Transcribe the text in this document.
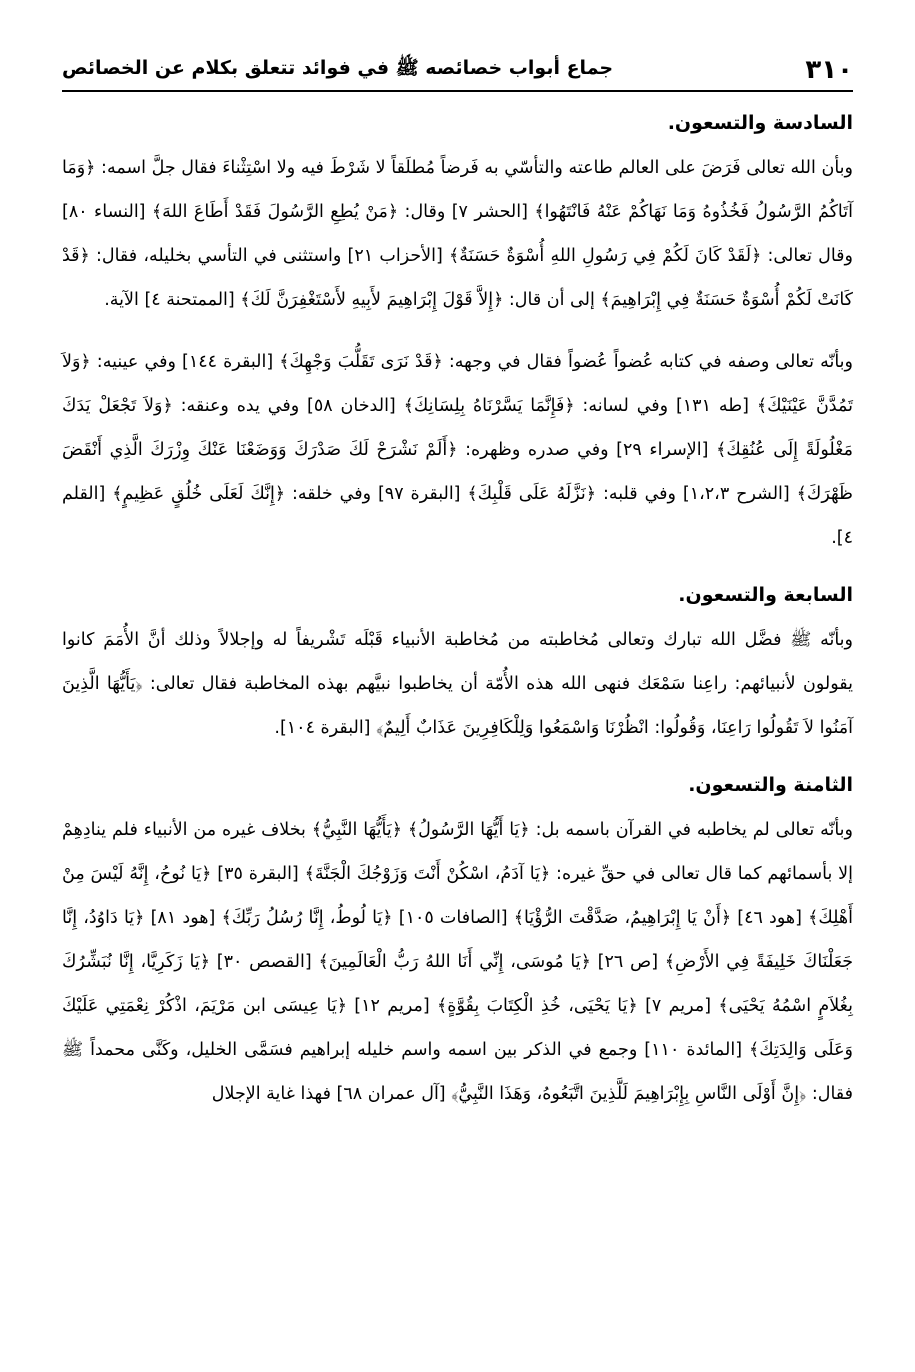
٣١٠
جماع أبواب خصائصه ﷺ في فوائد تتعلق بكلام عن الخصائص
السادسة والتسعون.

وبأن الله تعالى فَرَضَ على العالم طاعته والتأسّي به فَرضاً مُطلَقاً لا شَرْطَ فيه ولا اسْتِثْناءَ فقال جلَّ اسمه: ﴿وَمَا آتَاكُمُ الرَّسُولُ فَخُذُوهُ وَمَا نَهَاكُمْ عَنْهُ فَانْتَهُوا﴾ [الحشر ٧] وقال: ﴿مَنْ يُطِعِ الرَّسُولَ فَقَدْ أَطَاعَ اللهَ﴾ [النساء ٨٠] وقال تعالى: ﴿لَقَدْ كَانَ لَكُمْ فِي رَسُولِ اللهِ أُسْوَةٌ حَسَنَةٌ﴾ [الأحزاب ٢١] واستثنى في التأسي بخليله، فقال: ﴿قَدْ كَانَتْ لَكُمْ أُسْوَةٌ حَسَنَةٌ فِي إِبْرَاهِيمَ﴾ إلى أن قال: ﴿إِلاَّ قَوْلَ إِبْرَاهِيمَ لأَبِيهِ لأَسْتَغْفِرَنَّ لَكَ﴾ [الممتحنة ٤] الآية.

وبأنّه تعالى وصفه في كتابه عُضواً عُضواً فقال في وجهه: ﴿قَدْ نَرَى تَقَلُّبَ وَجْهِكَ﴾ [البقرة ١٤٤] وفي عينيه: ﴿وَلاَ تَمُدَّنَّ عَيْنَيْكَ﴾ [طه ١٣١] وفي لسانه: ﴿فَإِنَّمَا يَسَّرْنَاهُ بِلِسَانِكَ﴾ [الدخان ٥٨] وفي يده وعنقه: ﴿وَلاَ تَجْعَلْ يَدَكَ مَغْلُولَةً إِلَى عُنُقِكَ﴾ [الإسراء ٢٩] وفي صدره وظهره: ﴿أَلَمْ نَشْرَحْ لَكَ صَدْرَكَ وَوَضَعْنَا عَنْكَ وِزْرَكَ الَّذِي أَنْقَضَ ظَهْرَكَ﴾ [الشرح ١،٢،٣] وفي قلبه: ﴿نَزَّلَهُ عَلَى قَلْبِكَ﴾ [البقرة ٩٧] وفي خلقه: ﴿إِنَّكَ لَعَلَى خُلُقٍ عَظِيمٍ﴾ [القلم ٤].

السابعة والتسعون.

وبأنّه ﷺ فضَّل الله تبارك وتعالى مُخاطبته من مُخاطبة الأنبياء قَبْلَه تَشْريفاً له وإجلالاً وذلك أنَّ الأُمَمَ كانوا يقولون لأنبيائهم: راعِنا سَمْعَك فنهى الله هذه الأُمّة أن يخاطبوا نبيَّهم بهذه المخاطبة فقال تعالى: ﴿يَأَيُّهَا الَّذِينَ آمَنُوا لاَ تَقُولُوا رَاعِنَا، وَقُولُوا: انْظُرْنَا وَاسْمَعُوا وَلِلْكَافِرِينَ عَذَابٌ أَلِيمٌ﴾ [البقرة ١٠٤].

الثامنة والتسعون.

وبأنّه تعالى لم يخاطبه في القرآن باسمه بل: ﴿يَا أَيُّهَا الرَّسُولُ﴾ ﴿يَأَيُّهَا النَّبِيُّ﴾ بخلاف غيره من الأنبياء فلم ينادِهِمْ إلا بأسمائهم كما قال تعالى في حقِّ غيره: ﴿يَا آدَمُ، اسْكُنْ أَنْتَ وَزَوْجُكَ الْجَنَّةَ﴾ [البقرة ٣٥] ﴿يَا نُوحُ، إِنَّهُ لَيْسَ مِنْ أَهْلِكَ﴾ [هود ٤٦] ﴿أَنْ يَا إِبْرَاهِيمُ، صَدَّقْتَ الرُّؤْيَا﴾ [الصافات ١٠٥] ﴿يَا لُوطُ، إِنَّا رُسُلُ رَبِّكَ﴾ [هود ٨١] ﴿يَا دَاوُدُ، إِنَّا جَعَلْنَاكَ خَلِيفَةً فِي الأَرْضِ﴾ [ص ٢٦] ﴿يَا مُوسَى، إِنِّي أَنَا اللهُ رَبُّ الْعَالَمِينَ﴾ [القصص ٣٠] ﴿يَا زَكَرِيَّا، إِنَّا نُبَشِّرُكَ بِغُلاَمٍ اسْمُهُ يَحْيَى﴾ [مريم ٧] ﴿يَا يَحْيَى، خُذِ الْكِتَابَ بِقُوَّةٍ﴾ [مريم ١٢] ﴿يَا عِيسَى ابن مَرْيَمَ، اذْكُرْ نِعْمَتِي عَلَيْكَ وَعَلَى وَالِدَتِكَ﴾ [المائدة ١١٠] وجمع في الذكر بين اسمه واسم خليله إبراهيم فسَمَّى الخليل، وكَنَّى محمداً ﷺ فقال: ﴿إِنَّ أَوْلَى النَّاسِ بِإِبْرَاهِيمَ لَلَّذِينَ اتَّبَعُوهُ، وَهَذَا النَّبِيُّ﴾ [آل عمران ٦٨] فهذا غاية الإجلال
